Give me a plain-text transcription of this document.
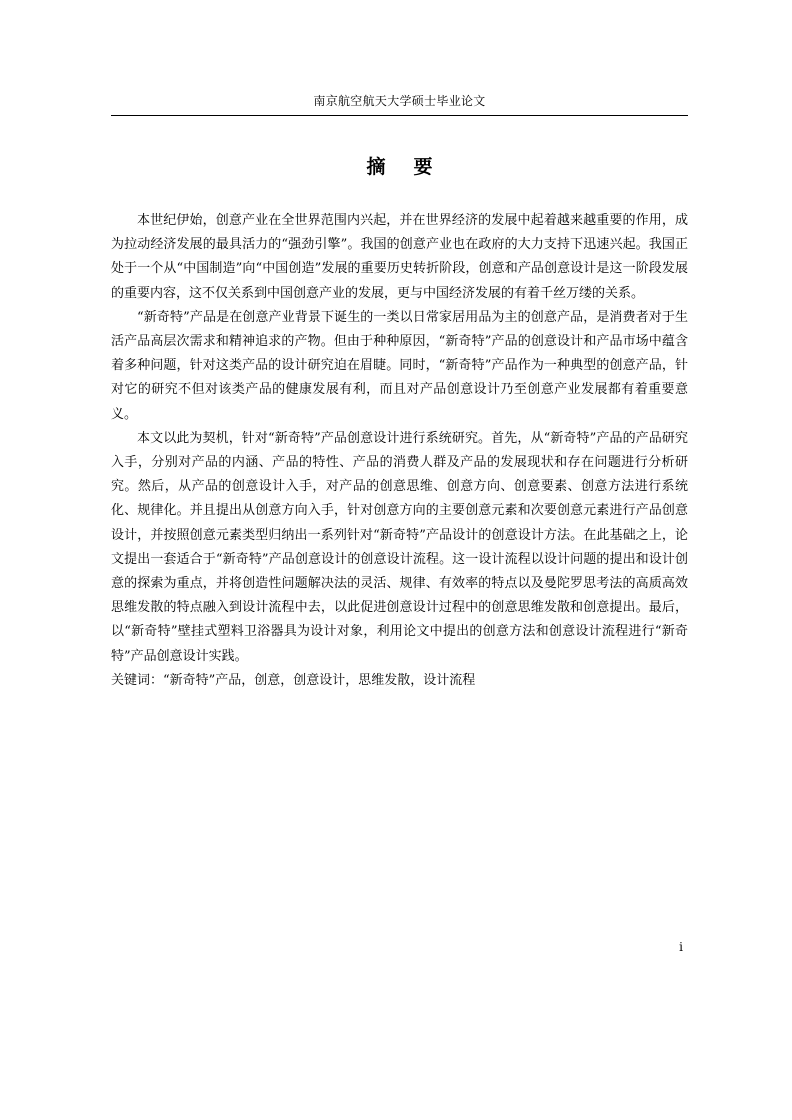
南京航空航天大学硕士毕业论文
摘要

本世纪伊始，创意产业在全世界范围内兴起，并在世界经济的发展中起着越来越重要的作用，成为拉动经济发展的最具活力的“强劲引擎”。我国的创意产业也在政府的大力支持下迅速兴起。我国正处于一个从“中国制造”向“中国创造”发展的重要历史转折阶段，创意和产品创意设计是这一阶段发展的重要内容，这不仅关系到中国创意产业的发展，更与中国经济发展的有着千丝万缕的关系。

“新奇特”产品是在创意产业背景下诞生的一类以日常家居用品为主的创意产品，是消费者对于生活产品高层次需求和精神追求的产物。但由于种种原因，“新奇特”产品的创意设计和产品市场中蕴含着多种问题，针对这类产品的设计研究迫在眉睫。同时，“新奇特”产品作为一种典型的创意产品，针对它的研究不但对该类产品的健康发展有利，而且对产品创意设计乃至创意产业发展都有着重要意义。

本文以此为契机，针对“新奇特”产品创意设计进行系统研究。首先，从“新奇特”产品的产品研究入手，分别对产品的内涵、产品的特性、产品的消费人群及产品的发展现状和存在问题进行分析研究。然后，从产品的创意设计入手，对产品的创意思维、创意方向、创意要素、创意方法进行系统化、规律化。并且提出从创意方向入手，针对创意方向的主要创意元素和次要创意元素进行产品创意设计，并按照创意元素类型归纳出一系列针对“新奇特”产品设计的创意设计方法。在此基础之上，论文提出一套适合于“新奇特”产品创意设计的创意设计流程。这一设计流程以设计问题的提出和设计创意的探索为重点，并将创造性问题解决法的灵活、规律、有效率的特点以及曼陀罗思考法的高质高效思维发散的特点融入到设计流程中去，以此促进创意设计过程中的创意思维发散和创意提出。最后，以“新奇特”壁挂式塑料卫浴器具为设计对象，利用论文中提出的创意方法和创意设计流程进行“新奇特”产品创意设计实践。

关键词：“新奇特”产品，创意，创意设计，思维发散，设计流程

i
